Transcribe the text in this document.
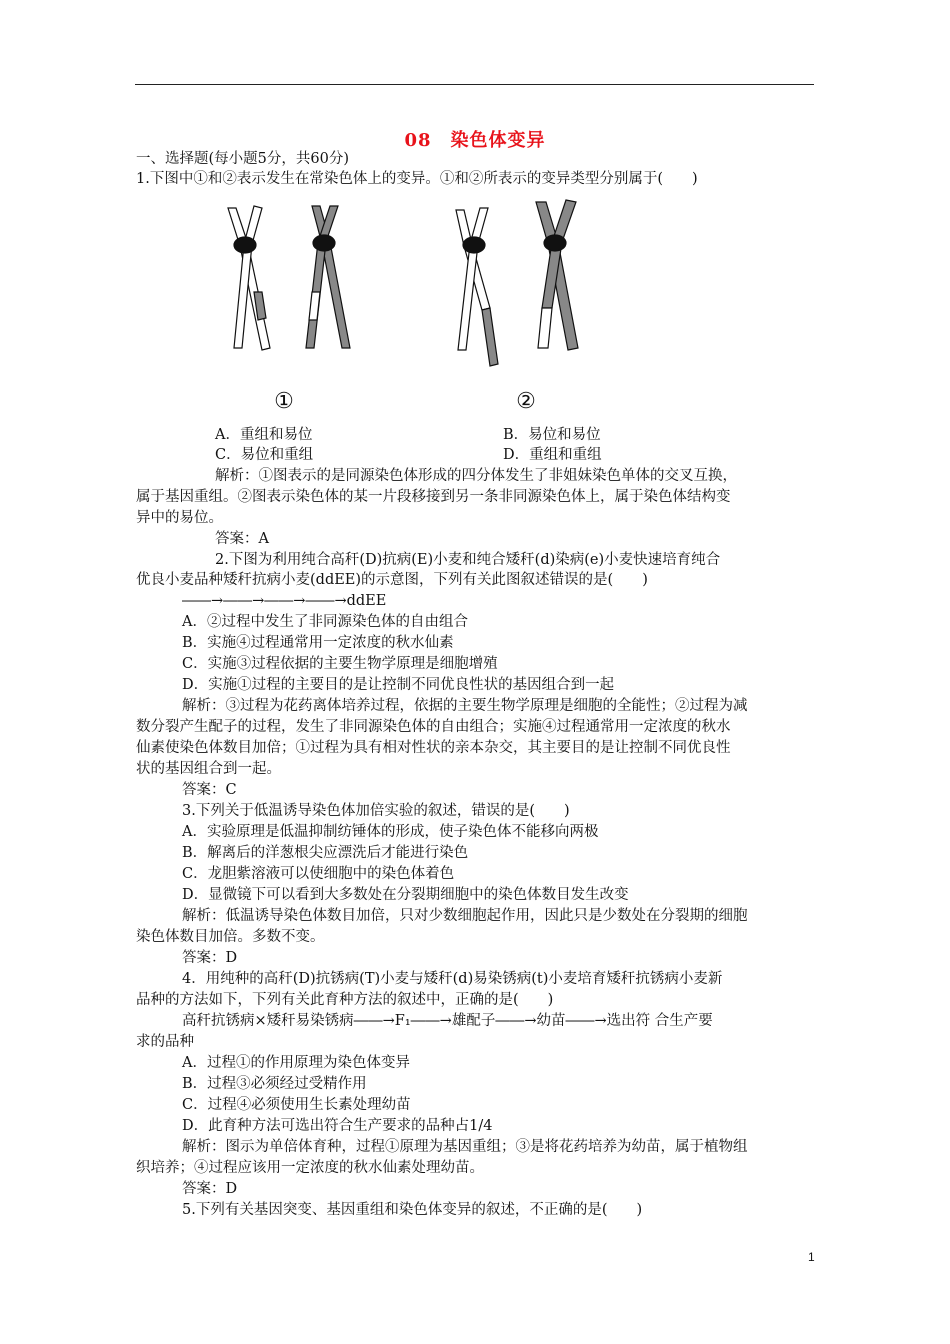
08　染色体变异
一、选择题(每小题5分，共60分)
1.下图中①和②表示发生在常染色体上的变异。①和②所表示的变异类型分别属于(　　)
A．重组和易位	B．易位和易位
C．易位和重组	D．重组和重组
解析：①图表示的是同源染色体形成的四分体发生了非姐妹染色单体的交叉互换，
属于基因重组。②图表示染色体的某一片段移接到另一条非同源染色体上，属于染色体结构变
异中的易位。
答案：A
2.下图为利用纯合高秆(D)抗病(E)小麦和纯合矮秆(d)染病(e)小麦快速培育纯合
优良小麦品种矮秆抗病小麦(ddEE)的示意图，下列有关此图叙述错误的是(　　)
――→――→――→――→ddEE
A．②过程中发生了非同源染色体的自由组合
B．实施④过程通常用一定浓度的秋水仙素
C．实施③过程依据的主要生物学原理是细胞增殖
D．实施①过程的主要目的是让控制不同优良性状的基因组合到一起
解析：③过程为花药离体培养过程，依据的主要生物学原理是细胞的全能性；②过程为减
数分裂产生配子的过程，发生了非同源染色体的自由组合；实施④过程通常用一定浓度的秋水
仙素使染色体数目加倍；①过程为具有相对性状的亲本杂交，其主要目的是让控制不同优良性
状的基因组合到一起。
答案：C
3.下列关于低温诱导染色体加倍实验的叙述，错误的是(　　)
A．实验原理是低温抑制纺锤体的形成，使子染色体不能移向两极
B．解离后的洋葱根尖应漂洗后才能进行染色
C．龙胆紫溶液可以使细胞中的染色体着色
D．显微镜下可以看到大多数处在分裂期细胞中的染色体数目发生改变
解析：低温诱导染色体数目加倍，只对少数细胞起作用，因此只是少数处在分裂期的细胞
染色体数目加倍。多数不变。
答案：D
4．用纯种的高秆(D)抗锈病(T)小麦与矮秆(d)易染锈病(t)小麦培育矮秆抗锈病小麦新
品种的方法如下，下列有关此育种方法的叙述中，正确的是(　　)
高秆抗锈病×矮秆易染锈病――→F₁――→雄配子――→幼苗――→选出符 合生产要
求的品种
A．过程①的作用原理为染色体变异
B．过程③必须经过受精作用
C．过程④必须使用生长素处理幼苗
D．此育种方法可选出符合生产要求的品种占1/4
解析：图示为单倍体育种，过程①原理为基因重组；③是将花药培养为幼苗，属于植物组
织培养；④过程应该用一定浓度的秋水仙素处理幼苗。
答案：D
5.下列有关基因突变、基因重组和染色体变异的叙述，不正确的是(　　)
①	②
1
